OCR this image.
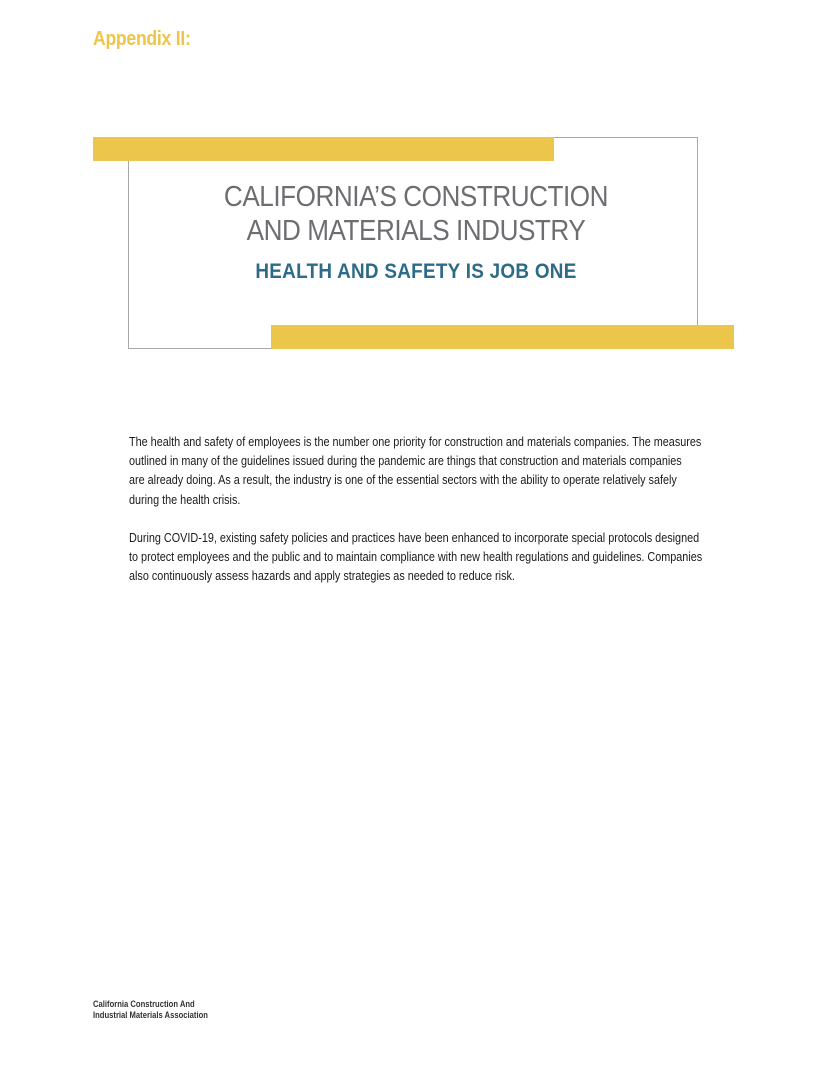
Appendix II:
CALIFORNIA’S CONSTRUCTION
AND MATERIALS INDUSTRY
HEALTH AND SAFETY IS JOB ONE

The health and safety of employees is the number one priority for construction and materials companies. The measures
outlined in many of the guidelines issued during the pandemic are things that construction and materials companies
are already doing. As a result, the industry is one of the essential sectors with the ability to operate relatively safely
during the health crisis.

During COVID-19, existing safety policies and practices have been enhanced to incorporate special protocols designed
to protect employees and the public and to maintain compliance with new health regulations and guidelines. Companies
also continuously assess hazards and apply strategies as needed to reduce risk.

California Construction And
Industrial Materials Association
